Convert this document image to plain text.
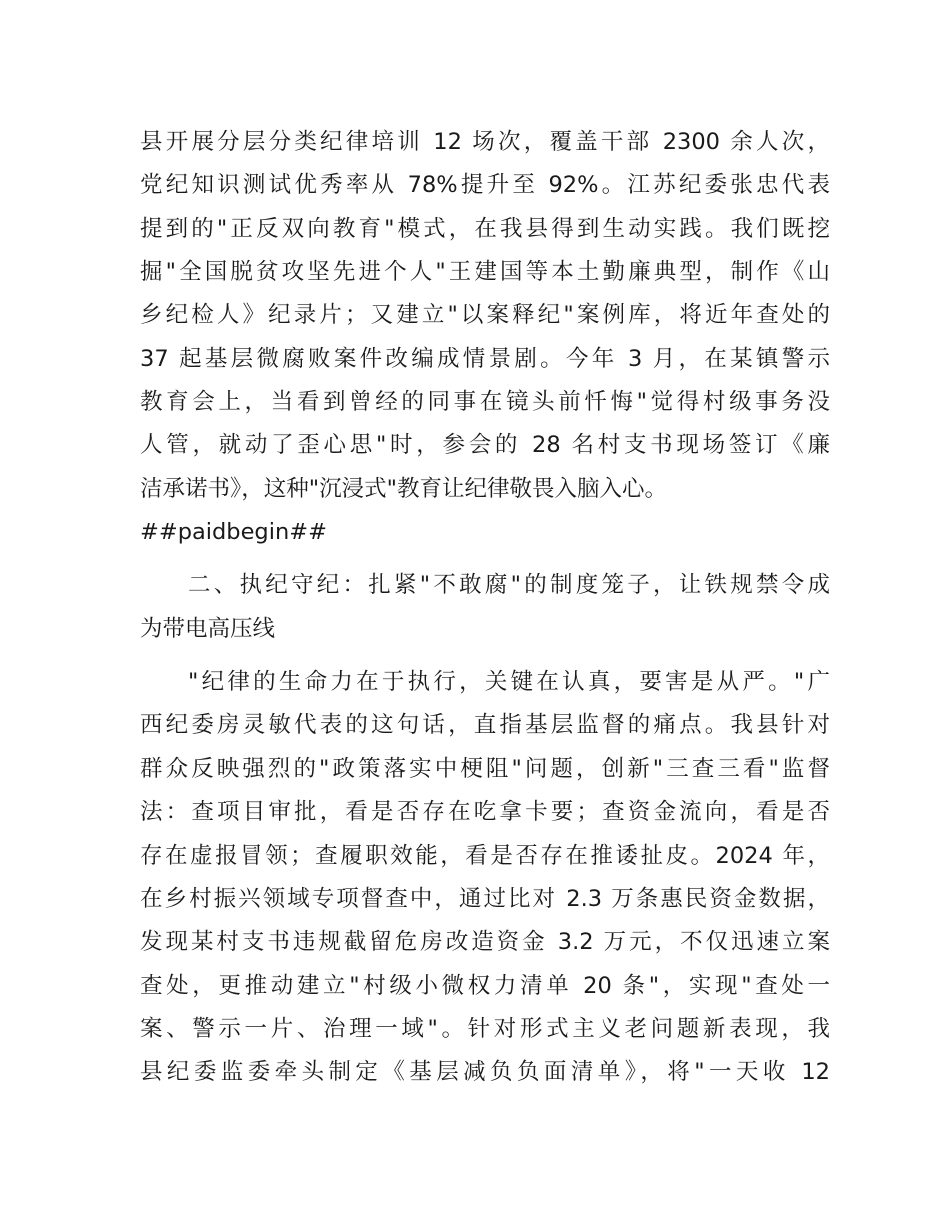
县开展分层分类纪律培训 12 场次，覆盖干部 2300 余人次，
党纪知识测试优秀率从 78%提升至 92%。江苏纪委张忠代表
提到的"正反双向教育"模式，在我县得到生动实践。我们既挖
掘"全国脱贫攻坚先进个人"王建国等本土勤廉典型，制作《山
乡纪检人》纪录片；又建立"以案释纪"案例库，将近年查处的
37 起基层微腐败案件改编成情景剧。今年 3 月，在某镇警示
教育会上，当看到曾经的同事在镜头前忏悔"觉得村级事务没
人管，就动了歪心思"时，参会的 28 名村支书现场签订《廉
洁承诺书》，这种"沉浸式"教育让纪律敬畏入脑入心。
##paidbegin##
二、执纪守纪：扎紧"不敢腐"的制度笼子，让铁规禁令成
为带电高压线
"纪律的生命力在于执行，关键在认真，要害是从严。"广
西纪委房灵敏代表的这句话，直指基层监督的痛点。我县针对
群众反映强烈的"政策落实中梗阻"问题，创新"三查三看"监督
法：查项目审批，看是否存在吃拿卡要；查资金流向，看是否
存在虚报冒领；查履职效能，看是否存在推诿扯皮。2024 年，
在乡村振兴领域专项督查中，通过比对 2.3 万条惠民资金数据，
发现某村支书违规截留危房改造资金 3.2 万元，不仅迅速立案
查处，更推动建立"村级小微权力清单 20 条"，实现"查处一
案、警示一片、治理一域"。针对形式主义老问题新表现，我
县纪委监委牵头制定《基层减负负面清单》，将"一天收 12
